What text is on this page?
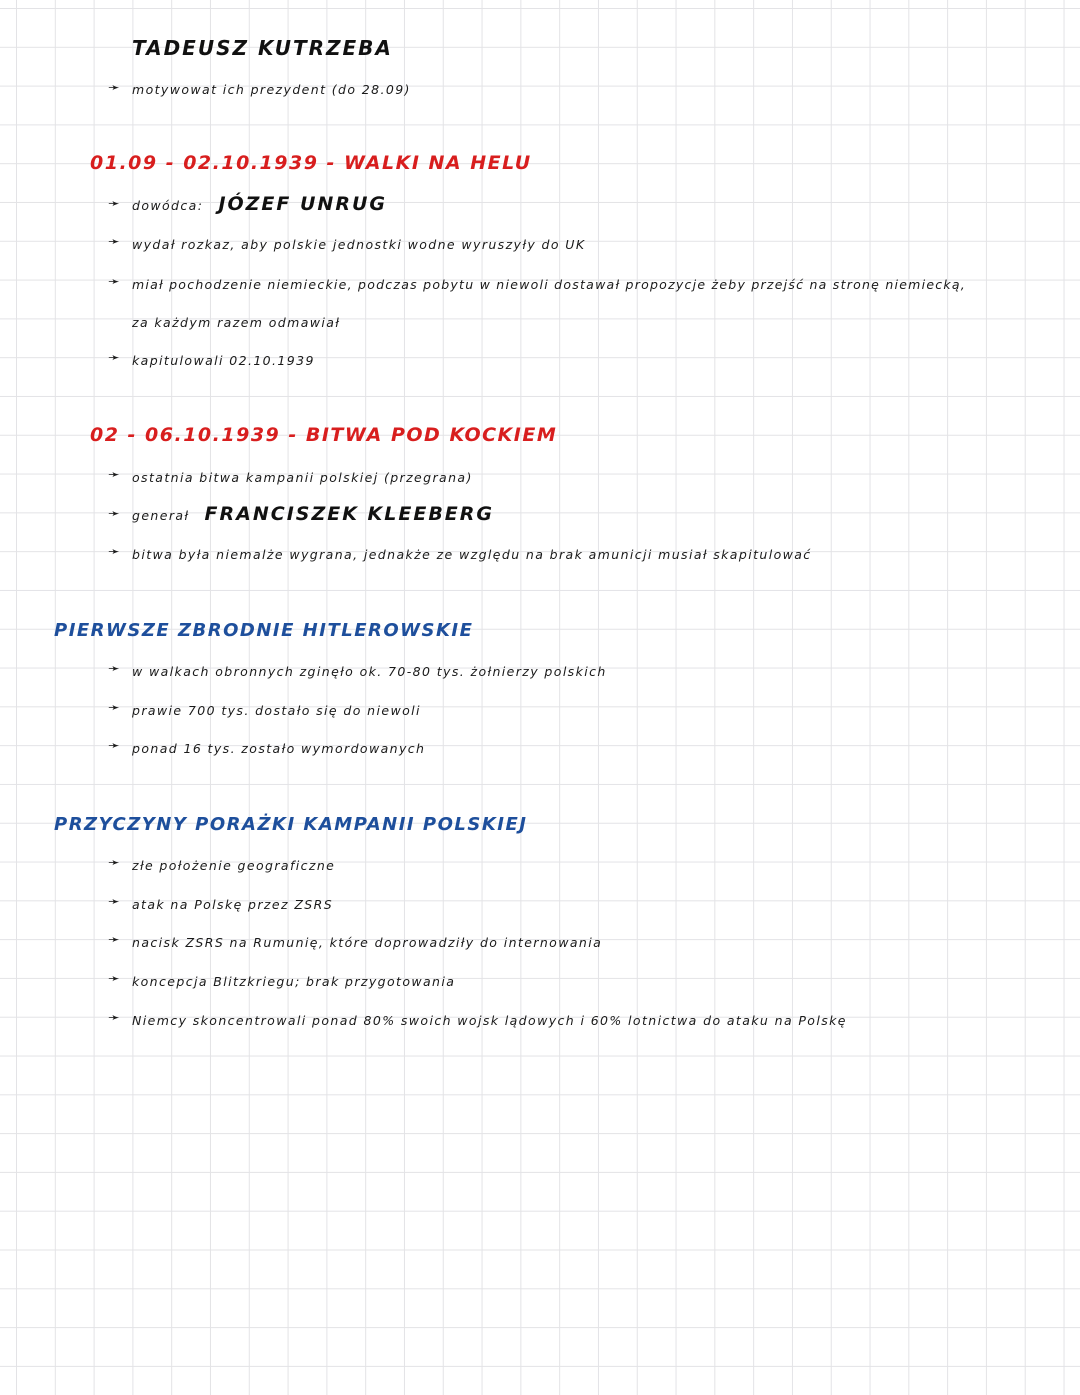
TADEUSZ KUTRZEBA
➛ motywowat ich prezydent (do 28.09)
01.09 - 02.10.1939 - WALKI NA HELU
➛ dowódca: JÓZEF UNRUG
➛ wydał rozkaz, aby polskie jednostki wodne wyruszyły do UK
➛ miał pochodzenie niemieckie, podczas pobytu w niewoli dostawał propozycje żeby przejść na stronę niemiecką,
za każdym razem odmawiał
➛ kapitulowali 02.10.1939
02 - 06.10.1939 - BITWA POD KOCKIEM
➛ ostatnia bitwa kampanii polskiej (przegrana)
➛ generał FRANCISZEK KLEEBERG
➛ bitwa była niemalże wygrana, jednakże ze względu na brak amunicji musiał skapitulować
PIERWSZE ZBRODNIE HITLEROWSKIE
➛ w walkach obronnych zginęło ok. 70-80 tys. żołnierzy polskich
➛ prawie 700 tys. dostało się do niewoli
➛ ponad 16 tys. zostało wymordowanych
PRZYCZYNY PORAŻKI KAMPANII POLSKIEJ
➛ złe położenie geograficzne
➛ atak na Polskę przez ZSRS
➛ nacisk ZSRS na Rumunię, które doprowadziły do internowania
➛ koncepcja Blitzkriegu; brak przygotowania
➛ Niemcy skoncentrowali ponad 80% swoich wojsk lądowych i 60% lotnictwa do ataku na Polskę
